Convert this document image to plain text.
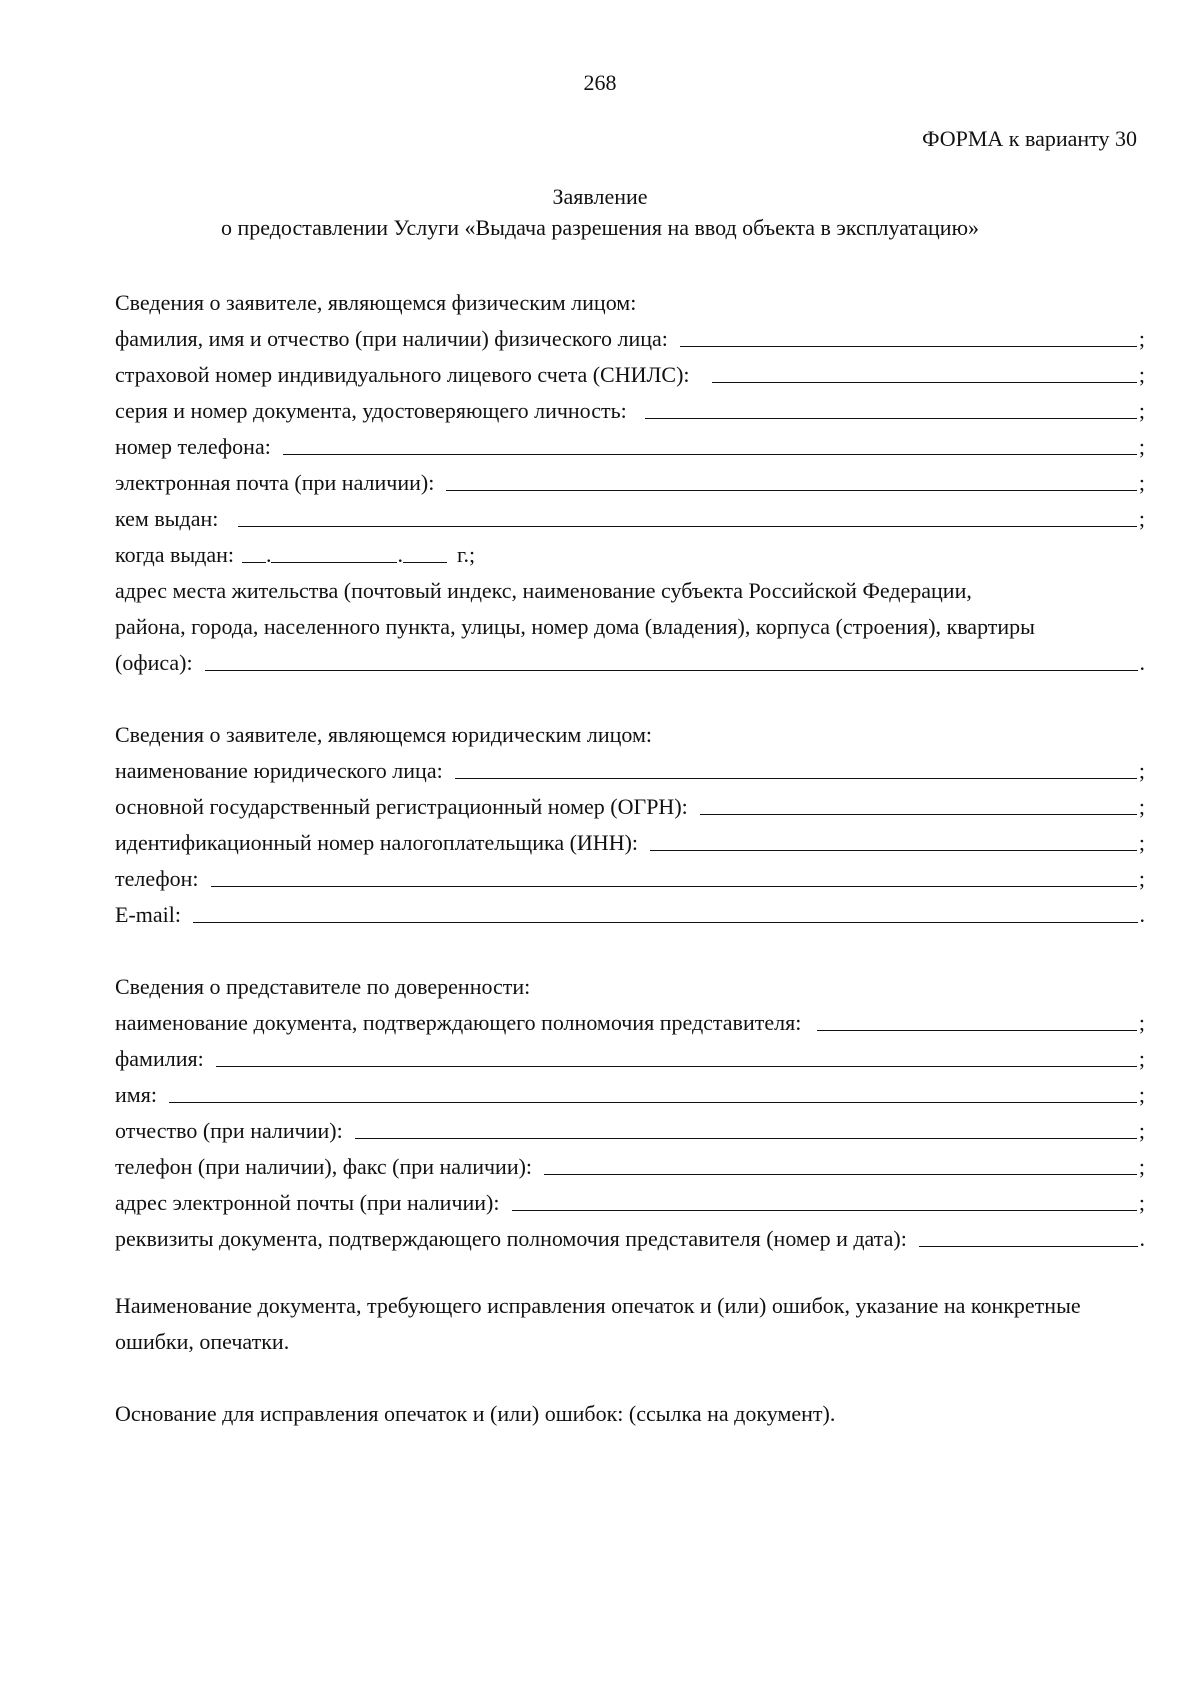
268
ФОРМА к варианту 30
Заявление
о предоставлении Услуги «Выдача разрешения на ввод объекта в эксплуатацию»
Сведения о заявителе, являющемся физическим лицом:
фамилия, имя и отчество (при наличии) физического лица:	;
страховой номер индивидуального лицевого счета (СНИЛС):	;
серия и номер документа, удостоверяющего личность:	;
номер телефона:	;
электронная почта (при наличии):	;
кем выдан:	;
когда выдан: .	. г.;
адрес места жительства (почтовый индекс, наименование субъекта Российской Федерации,
района, города, населенного пункта, улицы, номер дома (владения), корпуса (строения), квартиры
(офиса):	.
Сведения о заявителе, являющемся юридическим лицом:
наименование юридического лица:	;
основной государственный регистрационный номер (ОГРН):	;
идентификационный номер налогоплательщика (ИНН):	;
телефон:	;
E-mail:	.
Сведения о представителе по доверенности:
наименование документа, подтверждающего полномочия представителя:	;
фамилия:	;
имя:	;
отчество (при наличии):	;
телефон (при наличии), факс (при наличии):	;
адрес электронной почты (при наличии):	;
реквизиты документа, подтверждающего полномочия представителя (номер и дата):	.
Наименование документа, требующего исправления опечаток и (или) ошибок, указание на конкретные ошибки, опечатки.
Основание для исправления опечаток и (или) ошибок: (ссылка на документ).
